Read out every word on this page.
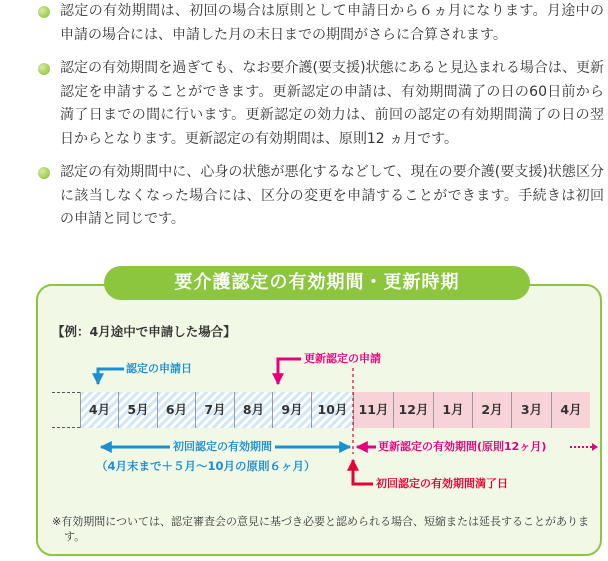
認定の有効期間は、初回の場合は原則として申請日から６ヵ月になります。月途中の申請の場合には、申請した月の末日までの期間がさらに合算されます。
認定の有効期間を過ぎても、なお要介護(要支援)状態にあると見込まれる場合は、更新認定を申請することができます。更新認定の申請は、有効期間満了の日の60日前から満了日までの間に行います。更新認定の効力は、前回の認定の有効期間満了の日の翌日からとなります。更新認定の有効期間は、原則12 ヵ月です。
認定の有効期間中に、心身の状態が悪化するなどして、現在の要介護(要支援)状態区分に該当しなくなった場合には、区分の変更を申請することができます。手続きは初回の申請と同じです。
要介護認定の有効期間・更新時期
【例：4月途中で申請した場合】
認定の申請日
更新認定の申請
4月	5月	6月	7月	8月	9月	10月 11月 12月	1月	2月	3月	4月
初回認定の有効期間
（4月末まで＋５月〜10月の原則６ヶ月）
更新認定の有効期間(原則12ヶ月)
初回認定の有効期間満了日
※有効期間については、認定審査会の意見に基づき必要と認められる場合、短縮または延長することがあります。
